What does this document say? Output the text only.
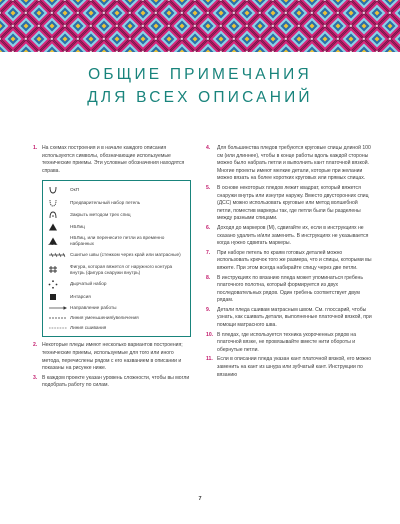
ОБЩИЕ ПРИМЕЧАНИЯ
ДЛЯ ВСЕХ ОПИСАНИЙ
1. На схемах построения и в начале каждого описания используются символы, обозначающие используемые технические приемы. Эти условные обозначения находятся справа.
ОкП
Предварительный набор петель
Закрыть методом трех спиц
НБЛиц
НБЛиц, или перенесите петли из временно набранных
Сшитые швы (стежком через край или матрасные)
Фигура, которая вяжется от наружного контура внутрь (фигура снаружи внутрь)
Дырчатый набор
Интарсия
Направление работы
Линия уменьшения/увеличения
Линия сшивания
2. Некоторые пледы имеют несколько вариантов построения; технические приемы, используемые для того или иного метода, перечислены рядом с его названием в описании и показаны на рисунке ниже.
3. В каждом проекте указан уровень сложности, чтобы вы могли подобрать работу по силам.
4.	Для большинства пледов требуются круговые спицы длиной 100 см (или длиннее), чтобы в конце работы вдоль каждой стороны можно было набрать петли и выполнить кант платочной вязкой. Многие проекты имеют мелкие детали, которые при желании можно вязать на более коротких круговых или прямых спицах.
5.	В основе некоторых пледов лежит квадрат, который вяжется снаружи внутрь или изнутри наружу. Вместо двусторонних спиц (ДСС) можно использовать круговые или метод волшебной петли, поместив маркеры так, где петли были бы разделены между разными спицами.
6.	Доходя до маркеров (М), сдвигайте их, если в инструкциях не сказано удалить и/или заменить. В инструкциях не указывается когда нужно сдвигать маркеры.
7.	При наборе петель по краям готовых деталей можно использовать крючок того же размера, что и спицы, которыми вы вяжете. При этом всегда набирайте спицу через две петли.
8.	В инструкциях по вязанию пледа может упоминаться гребень платочного полотна, который формируется из двух последовательных рядов. Один гребень соответствует двум рядам.
9.	Детали пледа сшивам матрасным швом. См. глоссарий, чтобы узнать, как сшивать детали, выполненные платочной вязкой, при помощи матрасного шва.
10. В пледах, где используется техника укороченных рядов на платочной вязке, не провязывайте вместе нити обороты и обернутые петли.
11. Если в описании пледа указан кант платочной вязкой, его можно заменить на кант из шнура или зубчатый кант. Инструкции по вязанию
7
